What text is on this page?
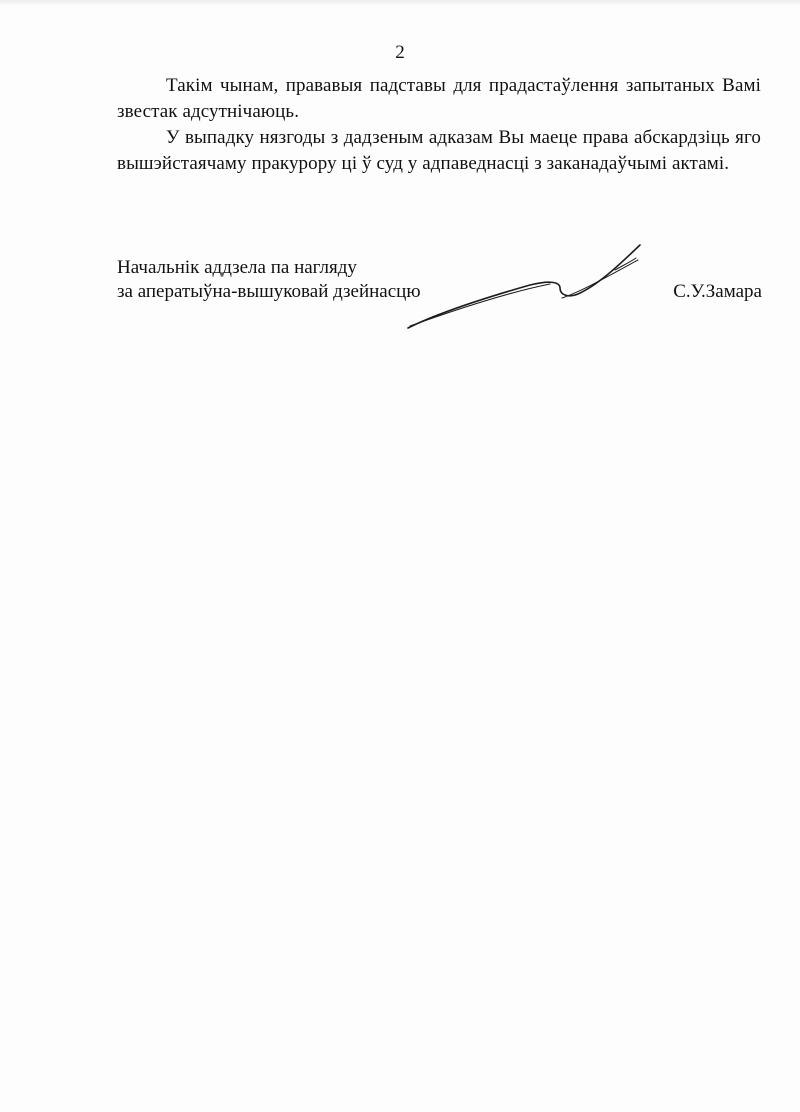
2

Такім чынам, прававыя падставы для прадастаўлення запытаных Вамі звестак адсутнічаюць.

У выпадку нязгоды з дадзеным адказам Вы маеце права абскардзіць яго вышэйстаячаму пракурору ці ў суд у адпаведнасці з заканадаўчымі актамі.

Начальнік аддзела па нагляду
за аператыўна-вышуковай дзейнасцю	С.У.Замара
